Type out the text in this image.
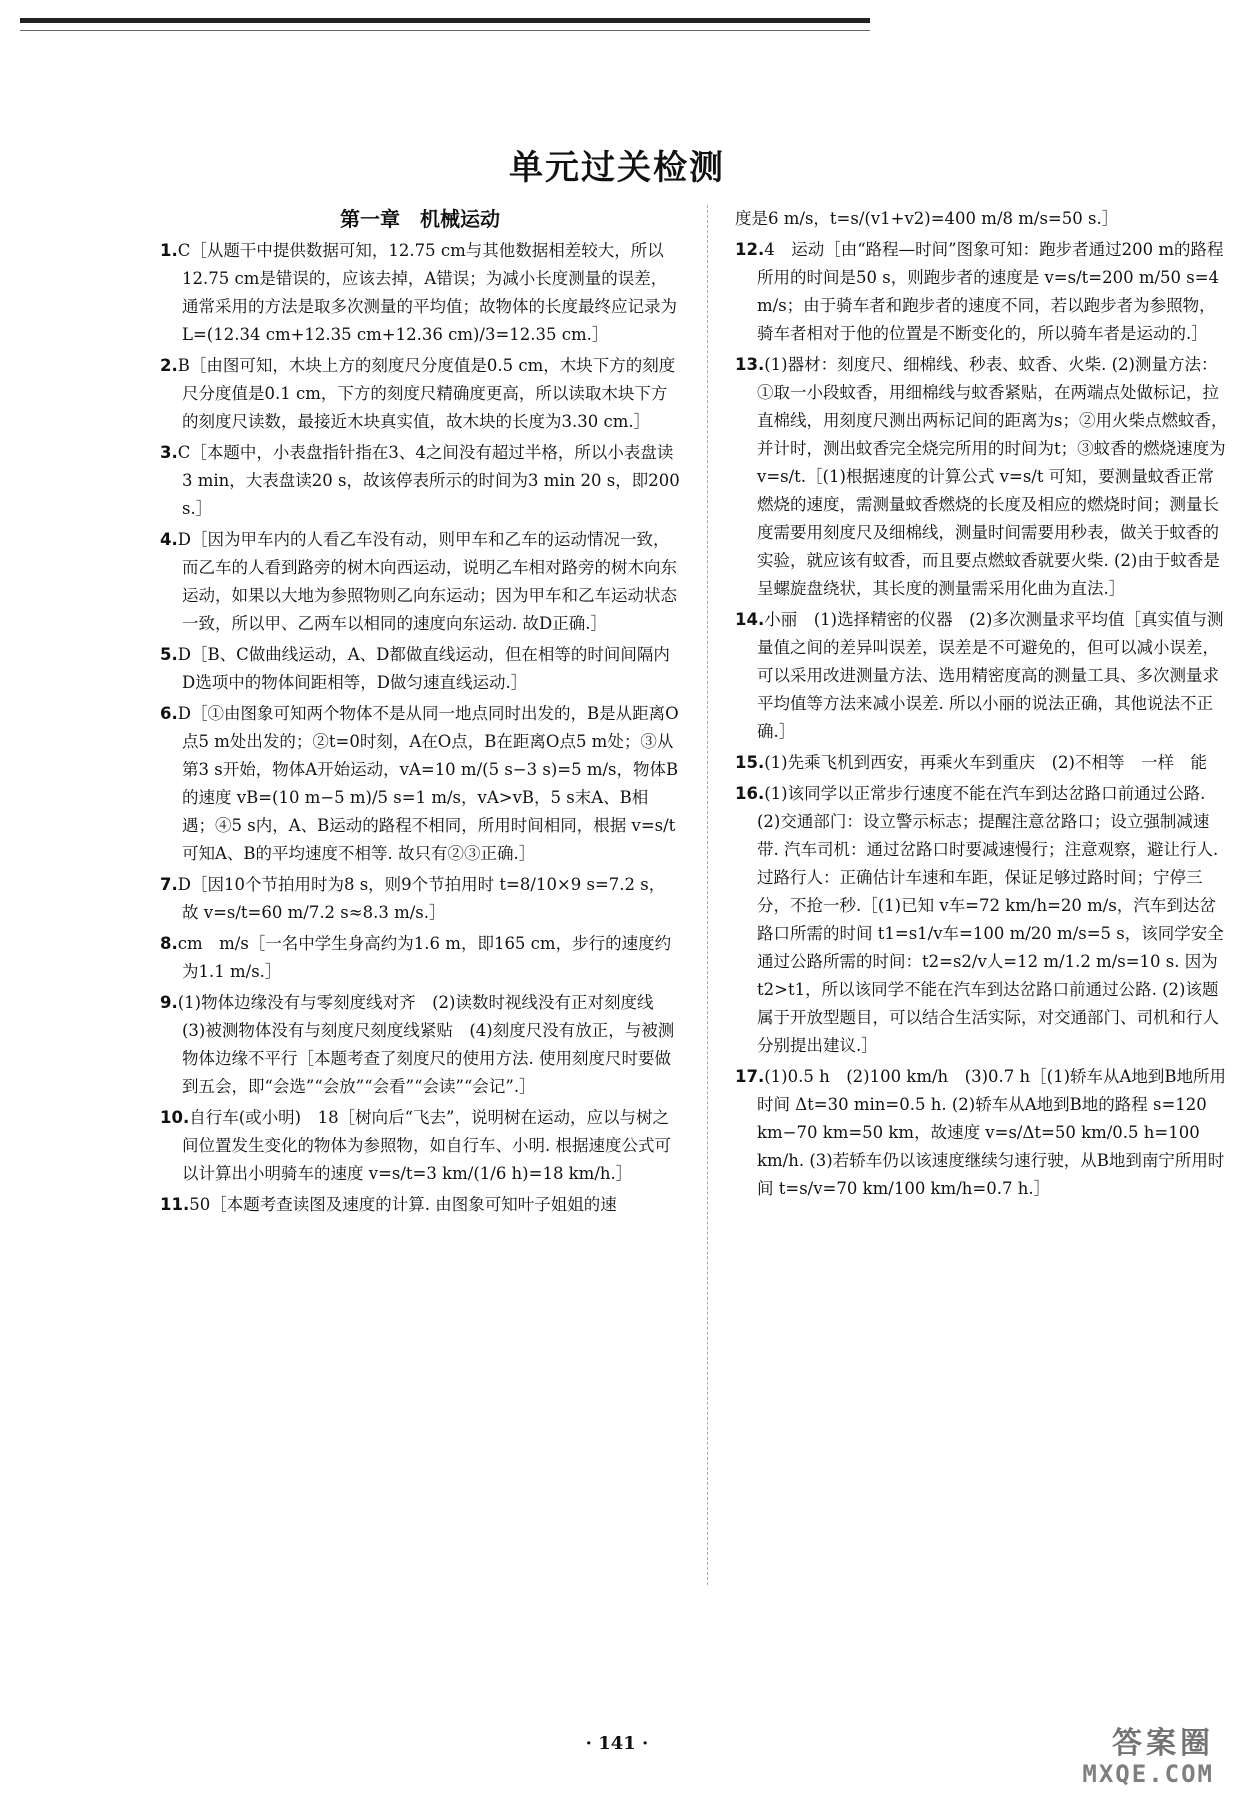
单元过关检测
第一章　机械运动

1.C［从题干中提供数据可知，12.75 cm与其他数据相差较大，所以12.75 cm是错误的，应该去掉，A错误；为减小长度测量的误差，通常采用的方法是取多次测量的平均值；故物体的长度最终应记录为 L=(12.34 cm+12.35 cm+12.36 cm)/3=12.35 cm.］

2.B［由图可知，木块上方的刻度尺分度值是0.5 cm，木块下方的刻度尺分度值是0.1 cm，下方的刻度尺精确度更高，所以读取木块下方的刻度尺读数，最接近木块真实值，故木块的长度为3.30 cm.］

3.C［本题中，小表盘指针指在3、4之间没有超过半格，所以小表盘读3 min，大表盘读20 s，故该停表所示的时间为3 min 20 s，即200 s.］

4.D［因为甲车内的人看乙车没有动，则甲车和乙车的运动情况一致，而乙车的人看到路旁的树木向西运动，说明乙车相对路旁的树木向东运动，如果以大地为参照物则乙向东运动；因为甲车和乙车运动状态一致，所以甲、乙两车以相同的速度向东运动. 故D正确.］

5.D［B、C做曲线运动，A、D都做直线运动，但在相等的时间间隔内D选项中的物体间距相等，D做匀速直线运动.］

6.D［①由图象可知两个物体不是从同一地点同时出发的，B是从距离O点5 m处出发的；②t=0时刻，A在O点，B在距离O点5 m处；③从第3 s开始，物体A开始运动，vA=10 m/(5 s−3 s)=5 m/s，物体B的速度 vB=(10 m−5 m)/5 s=1 m/s，vA>vB，5 s末A、B相遇；④5 s内，A、B运动的路程不相同，所用时间相同，根据 v=s/t 可知A、B的平均速度不相等. 故只有②③正确.］

7.D［因10个节拍用时为8 s，则9个节拍用时 t=8/10×9 s=7.2 s，故 v=s/t=60 m/7.2 s≈8.3 m/s.］

8.cm　m/s［一名中学生身高约为1.6 m，即165 cm，步行的速度约为1.1 m/s.］

9.(1)物体边缘没有与零刻度线对齐　(2)读数时视线没有正对刻度线　(3)被测物体没有与刻度尺刻度线紧贴　(4)刻度尺没有放正，与被测物体边缘不平行［本题考查了刻度尺的使用方法. 使用刻度尺时要做到五会，即“会选”“会放”“会看”“会读”“会记”.］

10.自行车(或小明)　18［树向后“飞去”，说明树在运动，应以与树之间位置发生变化的物体为参照物，如自行车、小明. 根据速度公式可以计算出小明骑车的速度 v=s/t=3 km/(1/6 h)=18 km/h.］

11.50［本题考查读图及速度的计算. 由图象可知叶子姐姐的速

度是6 m/s，t=s/(v1+v2)=400 m/8 m/s=50 s.］

12.4　运动［由“路程—时间”图象可知：跑步者通过200 m的路程所用的时间是50 s，则跑步者的速度是 v=s/t=200 m/50 s=4 m/s；由于骑车者和跑步者的速度不同，若以跑步者为参照物，骑车者相对于他的位置是不断变化的，所以骑车者是运动的.］

13.(1)器材：刻度尺、细棉线、秒表、蚊香、火柴. (2)测量方法：①取一小段蚊香，用细棉线与蚊香紧贴，在两端点处做标记，拉直棉线，用刻度尺测出两标记间的距离为s；②用火柴点燃蚊香，并计时，测出蚊香完全烧完所用的时间为t；③蚊香的燃烧速度为 v=s/t.［(1)根据速度的计算公式 v=s/t 可知，要测量蚊香正常燃烧的速度，需测量蚊香燃烧的长度及相应的燃烧时间；测量长度需要用刻度尺及细棉线，测量时间需要用秒表，做关于蚊香的实验，就应该有蚊香，而且要点燃蚊香就要火柴. (2)由于蚊香是呈螺旋盘绕状，其长度的测量需采用化曲为直法.］

14.小丽　(1)选择精密的仪器　(2)多次测量求平均值［真实值与测量值之间的差异叫误差，误差是不可避免的，但可以减小误差，可以采用改进测量方法、选用精密度高的测量工具、多次测量求平均值等方法来减小误差. 所以小丽的说法正确，其他说法不正确.］

15.(1)先乘飞机到西安，再乘火车到重庆　(2)不相等　一样　能

16.(1)该同学以正常步行速度不能在汽车到达岔路口前通过公路. (2)交通部门：设立警示标志；提醒注意岔路口；设立强制减速带. 汽车司机：通过岔路口时要减速慢行；注意观察，避让行人. 过路行人：正确估计车速和车距，保证足够过路时间；宁停三分，不抢一秒.［(1)已知 v车=72 km/h=20 m/s，汽车到达岔路口所需的时间 t1=s1/v车=100 m/20 m/s=5 s，该同学安全通过公路所需的时间：t2=s2/v人=12 m/1.2 m/s=10 s. 因为 t2>t1，所以该同学不能在汽车到达岔路口前通过公路. (2)该题属于开放型题目，可以结合生活实际，对交通部门、司机和行人分别提出建议.］

17.(1)0.5 h　(2)100 km/h　(3)0.7 h［(1)轿车从A地到B地所用时间 Δt=30 min=0.5 h. (2)轿车从A地到B地的路程 s=120 km−70 km=50 km，故速度 v=s/Δt=50 km/0.5 h=100 km/h. (3)若轿车仍以该速度继续匀速行驶，从B地到南宁所用时间 t=s/v=70 km/100 km/h=0.7 h.］

· 141 ·	答案圈
MXQE.COM
